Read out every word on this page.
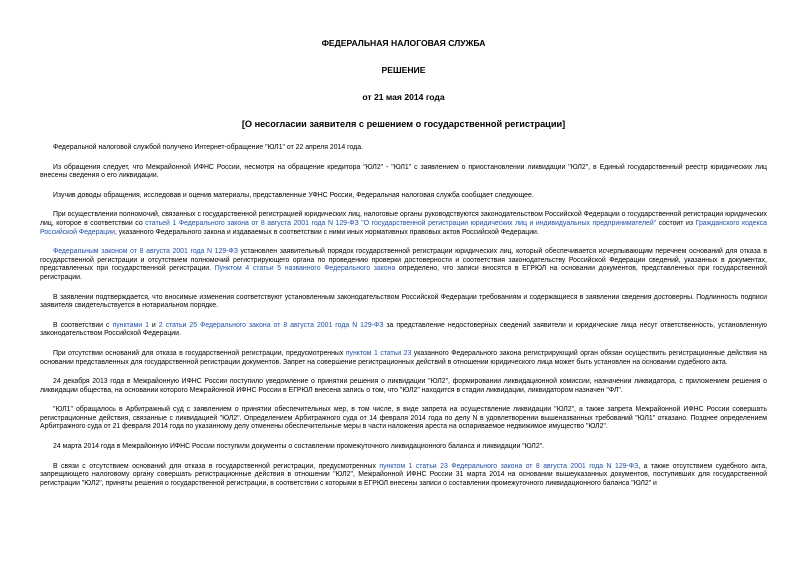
ФЕДЕРАЛЬНАЯ НАЛОГОВАЯ СЛУЖБА
РЕШЕНИЕ
от 21 мая 2014 года
[О несогласии заявителя с решением о государственной регистрации]

Федеральной налоговой службой получено Интернет-обращение "ЮЛ1" от 22 апреля 2014 года.

Из обращения следует, что Межрайонной ИФНС России, несмотря на обращение кредитора "ЮЛ2" - "ЮЛ1" с заявлением о приостановлении ликвидации "ЮЛ2", в Единый государственный реестр юридических лиц внесены сведения о его ликвидации.

Изучив доводы обращения, исследовав и оценив материалы, представленные УФНС России, Федеральная налоговая служба сообщает следующее.

При осуществлении полномочий, связанных с государственной регистрацией юридических лиц, налоговые органы руководствуются законодательством Российской Федерации о государственной регистрации юридических лиц, которое в соответствии со статьей 1 Федерального закона от 8 августа 2001 года N 129-ФЗ "О государственной регистрации юридических лиц и индивидуальных предпринимателей" состоит из Гражданского кодекса Российской Федерации, указанного Федерального закона и издаваемых в соответствии с ними иных нормативных правовых актов Российской Федерации.

Федеральным законом от 8 августа 2001 года N 129-ФЗ установлен заявительный порядок государственной регистрации юридических лиц, который обеспечивается исчерпывающим перечнем оснований для отказа в государственной регистрации и отсутствием полномочий регистрирующего органа по проведению проверки достоверности и соответствия законодательству Российской Федерации сведений, указанных в документах, представленных при государственной регистрации. Пунктом 4 статьи 5 названного Федерального закона определено, что записи вносятся в ЕГРЮЛ на основании документов, представленных при государственной регистрации.

В заявлении подтверждается, что вносимые изменения соответствуют установленным законодательством Российской Федерации требованиям и содержащиеся в заявлении сведения достоверны. Подлинность подписи заявителя свидетельствуется в нотариальном порядке.

В соответствии с пунктами 1 и 2 статьи 25 Федерального закона от 8 августа 2001 года N 129-ФЗ за представление недостоверных сведений заявители и юридические лица несут ответственность, установленную законодательством Российской Федерации.

При отсутствии оснований для отказа в государственной регистрации, предусмотренных пунктом 1 статьи 23 указанного Федерального закона регистрирующий орган обязан осуществить регистрационные действия на основании представленных для государственной регистрации документов. Запрет на совершение регистрационных действий в отношении юридического лица может быть установлен на основании судебного акта.

24 декабря 2013 года в Межрайонную ИФНС России поступило уведомление о принятии решения о ликвидации "ЮЛ2", формировании ликвидационной комиссии, назначении ликвидатора, с приложением решения о ликвидации общества, на основании которого Межрайонной ИФНС России в ЕГРЮЛ внесена запись о том, что "ЮЛ2" находится в стадии ликвидации, ликвидатором назначен "ФЛ".

"ЮЛ1" обращалось в Арбитражный суд с заявлением о принятии обеспечительных мер, в том числе, в виде запрета на осуществление ликвидации "ЮЛ2", а также запрета Межрайонной ИФНС России совершать регистрационные действия, связанные с ликвидацией "ЮЛ2". Определением Арбитражного суда от 14 февраля 2014 года по делу N в удовлетворении вышеназванных требований "ЮЛ1" отказано. Позднее определением Арбитражного суда от 21 февраля 2014 года по указанному делу отменены обеспечительные меры в части наложения ареста на оспариваемое недвижимое имущество "ЮЛ2".

24 марта 2014 года в Межрайонную ИФНС России поступили документы о составлении промежуточного ликвидационного баланса и ликвидации "ЮЛ2".

В связи с отсутствием оснований для отказа в государственной регистрации, предусмотренных пунктом 1 статьи 23 Федерального закона от 8 августа 2001 года N 129-ФЗ, а также отсутствием судебного акта, запрещающего налоговому органу совершать регистрационные действия в отношении "ЮЛ2", Межрайонной ИФНС России 31 марта 2014 на основании вышеуказанных документов, поступивших для государственной регистрации "ЮЛ2", приняты решения о государственной регистрации, в соответствии с которыми в ЕГРЮЛ внесены записи о составлении промежуточного ликвидационного баланса "ЮЛ2" и
